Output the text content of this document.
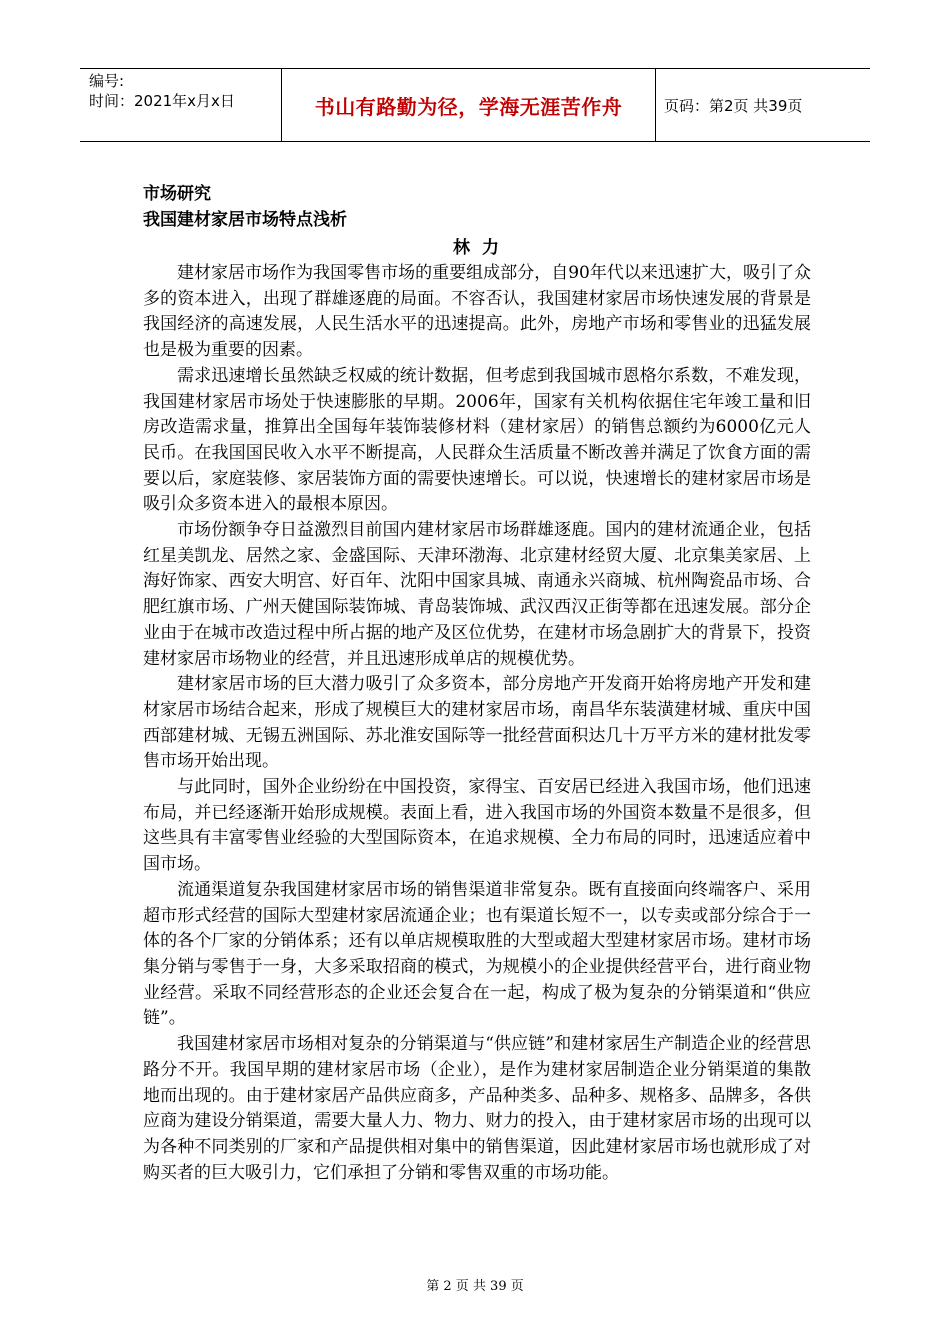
编号:
时间：2021年x月x日	书山有路勤为径，学海无涯苦作舟	页码：第2页 共39页

市场研究

我国建材家居市场特点浅析

林力

建材家居市场作为我国零售市场的重要组成部分，自90年代以来迅速扩大，吸引了众多的资本进入，出现了群雄逐鹿的局面。不容否认，我国建材家居市场快速发展的背景是我国经济的高速发展，人民生活水平的迅速提高。此外，房地产市场和零售业的迅猛发展也是极为重要的因素。

需求迅速增长虽然缺乏权威的统计数据，但考虑到我国城市恩格尔系数，不难发现，我国建材家居市场处于快速膨胀的早期。2006年，国家有关机构依据住宅年竣工量和旧房改造需求量，推算出全国每年装饰装修材料（建材家居）的销售总额约为6000亿元人民币。在我国国民收入水平不断提高，人民群众生活质量不断改善并满足了饮食方面的需要以后，家庭装修、家居装饰方面的需要快速增长。可以说，快速增长的建材家居市场是吸引众多资本进入的最根本原因。

市场份额争夺日益激烈目前国内建材家居市场群雄逐鹿。国内的建材流通企业，包括红星美凯龙、居然之家、金盛国际、天津环渤海、北京建材经贸大厦、北京集美家居、上海好饰家、西安大明宫、好百年、沈阳中国家具城、南通永兴商城、杭州陶瓷品市场、合肥红旗市场、广州天健国际装饰城、青岛装饰城、武汉西汉正街等都在迅速发展。部分企业由于在城市改造过程中所占据的地产及区位优势，在建材市场急剧扩大的背景下，投资建材家居市场物业的经营，并且迅速形成单店的规模优势。

建材家居市场的巨大潜力吸引了众多资本，部分房地产开发商开始将房地产开发和建材家居市场结合起来，形成了规模巨大的建材家居市场，南昌华东装潢建材城、重庆中国西部建材城、无锡五洲国际、苏北淮安国际等一批经营面积达几十万平方米的建材批发零售市场开始出现。

与此同时，国外企业纷纷在中国投资，家得宝、百安居已经进入我国市场，他们迅速布局，并已经逐渐开始形成规模。表面上看，进入我国市场的外国资本数量不是很多，但这些具有丰富零售业经验的大型国际资本，在追求规模、全力布局的同时，迅速适应着中国市场。

流通渠道复杂我国建材家居市场的销售渠道非常复杂。既有直接面向终端客户、采用超市形式经营的国际大型建材家居流通企业；也有渠道长短不一，以专卖或部分综合于一体的各个厂家的分销体系；还有以单店规模取胜的大型或超大型建材家居市场。建材市场集分销与零售于一身，大多采取招商的模式，为规模小的企业提供经营平台，进行商业物业经营。采取不同经营形态的企业还会复合在一起，构成了极为复杂的分销渠道和“供应链”。

我国建材家居市场相对复杂的分销渠道与“供应链”和建材家居生产制造企业的经营思路分不开。我国早期的建材家居市场（企业），是作为建材家居制造企业分销渠道的集散地而出现的。由于建材家居产品供应商多，产品种类多、品种多、规格多、品牌多，各供应商为建设分销渠道，需要大量人力、物力、财力的投入，由于建材家居市场的出现可以为各种不同类别的厂家和产品提供相对集中的销售渠道，因此建材家居市场也就形成了对购买者的巨大吸引力，它们承担了分销和零售双重的市场功能。

第 2 页 共 39 页
